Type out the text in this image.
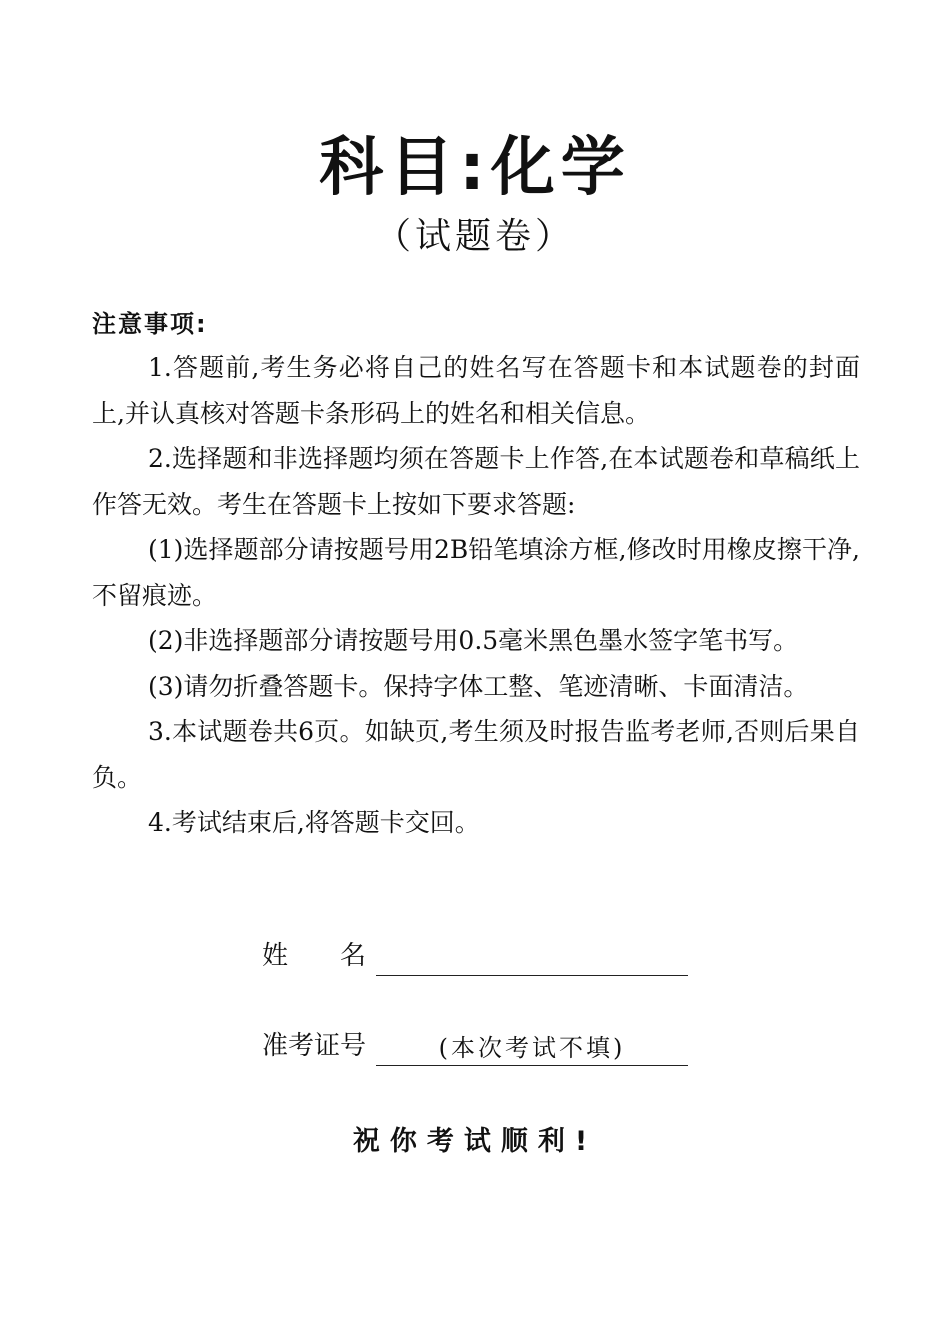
科目:化学
（试题卷）
注意事项:

1.答题前,考生务必将自己的姓名写在答题卡和本试题卷的封面上,并认真核对答题卡条形码上的姓名和相关信息。

2.选择题和非选择题均须在答题卡上作答,在本试题卷和草稿纸上作答无效。考生在答题卡上按如下要求答题:

(1)选择题部分请按题号用2B铅笔填涂方框,修改时用橡皮擦干净,不留痕迹。

(2)非选择题部分请按题号用0.5毫米黑色墨水签字笔书写。

(3)请勿折叠答题卡。保持字体工整、笔迹清晰、卡面清洁。

3.本试题卷共6页。如缺页,考生须及时报告监考老师,否则后果自负。

4.考试结束后,将答题卡交回。

姓　　名
准考证号	(本次考试不填)
祝你考试顺利!
